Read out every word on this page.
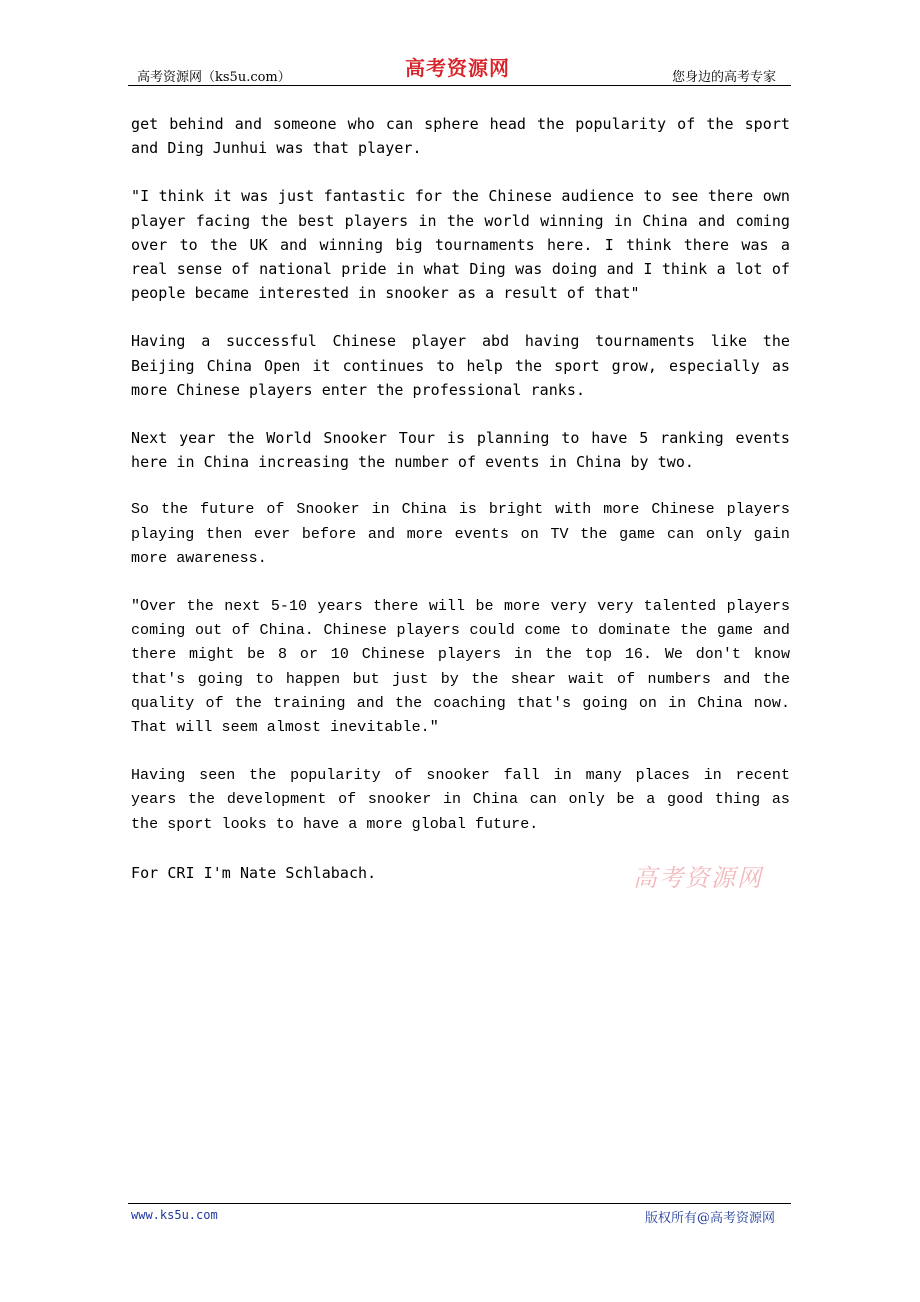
高考资源网（ks5u.com）	高考资源网	您身边的高考专家

get behind and someone who can sphere head the popularity of the sport and Ding Junhui was that player.

"I think it was just fantastic for the Chinese audience to see there own player facing the best players in the world winning in China and coming over to the UK and winning big tournaments here. I think there was a real sense of national pride in what Ding was doing and I think a lot of people became interested in snooker as a result of that"

Having a successful Chinese player abd having tournaments like the Beijing China Open it continues to help the sport grow, especially as more Chinese players enter the professional ranks.

Next year the World Snooker Tour is planning to have 5 ranking events here in China increasing the number of events in China by two.

So the future of Snooker in China is bright with more Chinese players playing then ever before and more events on TV the game can only gain more awareness.

"Over the next 5-10 years there will be more very very talented players coming out of China. Chinese players could come to dominate the game and there might be 8 or 10 Chinese players in the top 16. We don't know that's going to happen but just by the shear wait of numbers and the quality of the training and the coaching that's going on in China now. That will seem almost inevitable."

Having seen the popularity of snooker fall in many places in recent years the development of snooker in China can only be a good thing as the sport looks to have a more global future.

For CRI I'm Nate Schlabach.	高考资源网
www.ks5u.com	版权所有@高考资源网
